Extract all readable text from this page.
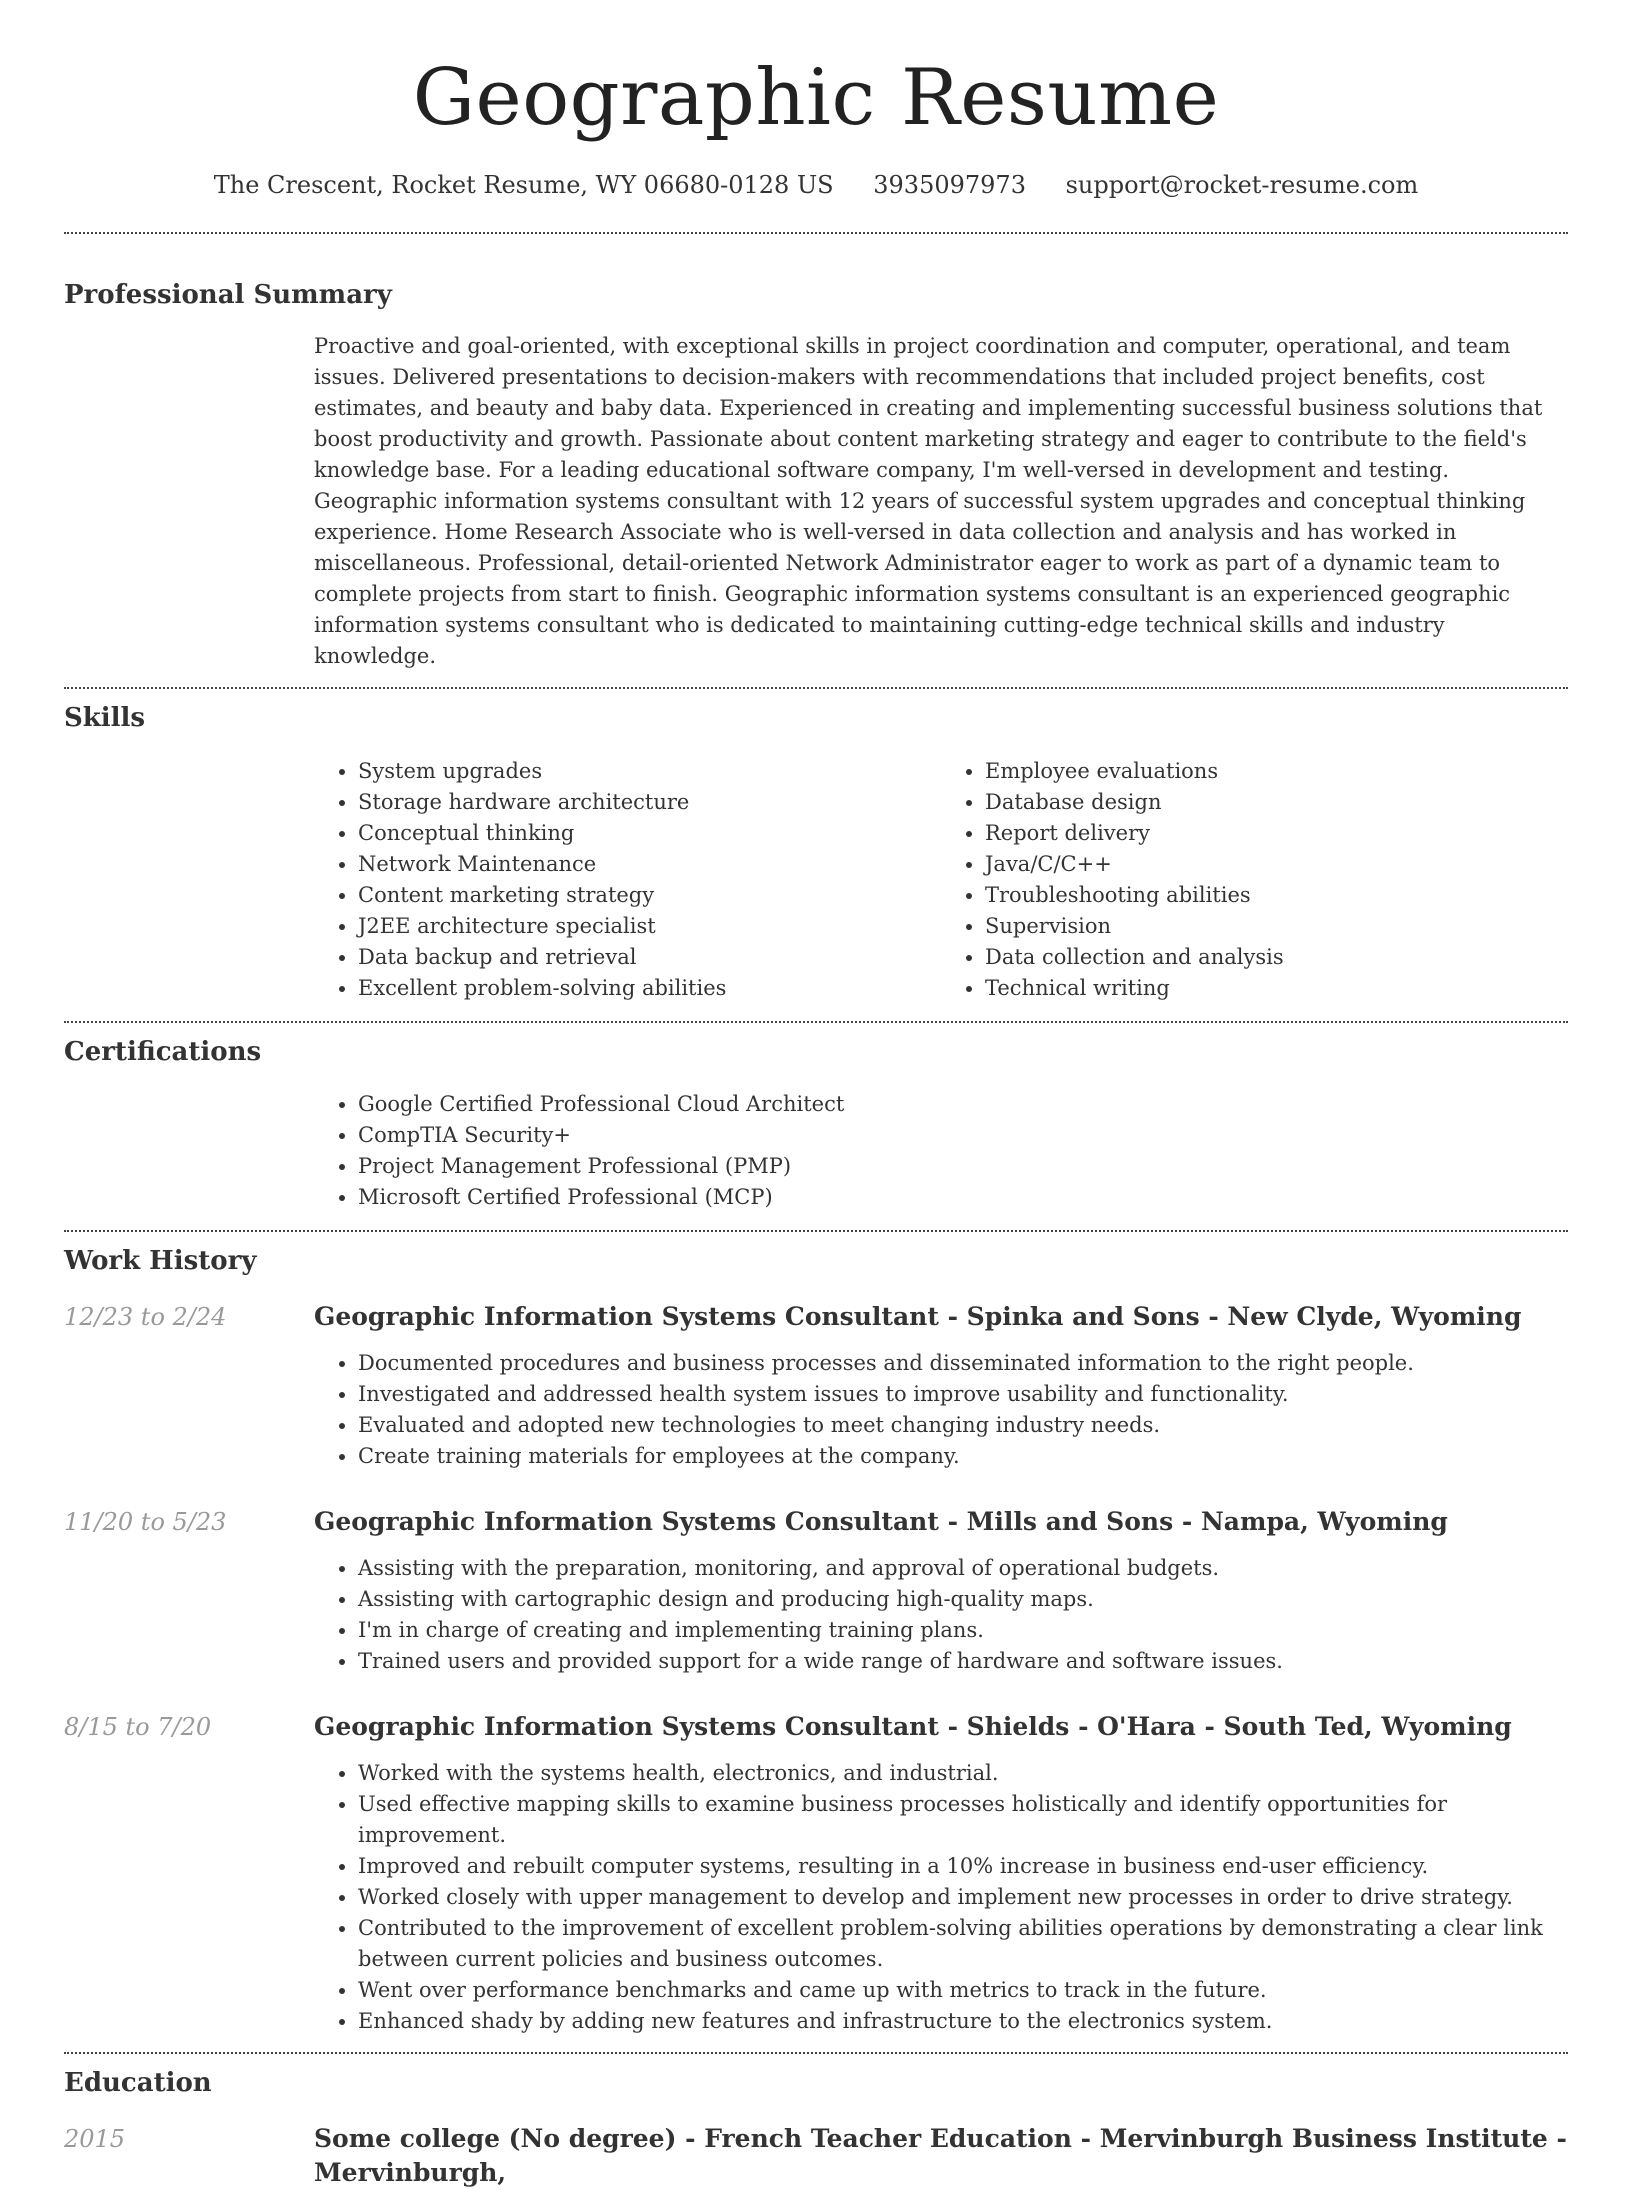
Geographic Resume
The Crescent, Rocket Resume, WY 06680-0128 US 3935097973 support@rocket-resume.com
Professional Summary

Proactive and goal-oriented, with exceptional skills in project coordination and computer, operational, and team issues. Delivered presentations to decision-makers with recommendations that included project benefits, cost estimates, and beauty and baby data. Experienced in creating and implementing successful business solutions that boost productivity and growth. Passionate about content marketing strategy and eager to contribute to the field's knowledge base. For a leading educational software company, I'm well-versed in development and testing. Geographic information systems consultant with 12 years of successful system upgrades and conceptual thinking experience. Home Research Associate who is well-versed in data collection and analysis and has worked in miscellaneous. Professional, detail-oriented Network Administrator eager to work as part of a dynamic team to complete projects from start to finish. Geographic information systems consultant is an experienced geographic information systems consultant who is dedicated to maintaining cutting-edge technical skills and industry knowledge.

Skills
• System upgrades
• Storage hardware architecture
• Conceptual thinking
• Network Maintenance
• Content marketing strategy
• J2EE architecture specialist
• Data backup and retrieval
• Excellent problem-solving abilities
• Employee evaluations
• Database design
• Report delivery
• Java/C/C++
• Troubleshooting abilities
• Supervision
• Data collection and analysis
• Technical writing
Certifications
• Google Certified Professional Cloud Architect
• CompTIA Security+
• Project Management Professional (PMP)
• Microsoft Certified Professional (MCP)
Work History
12/23 to 2/24	Geographic Information Systems Consultant - Spinka and Sons - New Clyde, Wyoming
• Documented procedures and business processes and disseminated information to the right people.
• Investigated and addressed health system issues to improve usability and functionality.
• Evaluated and adopted new technologies to meet changing industry needs.
• Create training materials for employees at the company.
11/20 to 5/23	Geographic Information Systems Consultant - Mills and Sons - Nampa, Wyoming
• Assisting with the preparation, monitoring, and approval of operational budgets.
• Assisting with cartographic design and producing high-quality maps.
• I'm in charge of creating and implementing training plans.
• Trained users and provided support for a wide range of hardware and software issues.
8/15 to 7/20	Geographic Information Systems Consultant - Shields - O'Hara - South Ted, Wyoming
• Worked with the systems health, electronics, and industrial.
• Used effective mapping skills to examine business processes holistically and identify opportunities for improvement.
• Improved and rebuilt computer systems, resulting in a 10% increase in business end-user efficiency.
• Worked closely with upper management to develop and implement new processes in order to drive strategy.
• Contributed to the improvement of excellent problem-solving abilities operations by demonstrating a clear link between current policies and business outcomes.
• Went over performance benchmarks and came up with metrics to track in the future.
• Enhanced shady by adding new features and infrastructure to the electronics system.
Education
2015	Some college (No degree) - French Teacher Education - Mervinburgh Business Institute - Mervinburgh,
